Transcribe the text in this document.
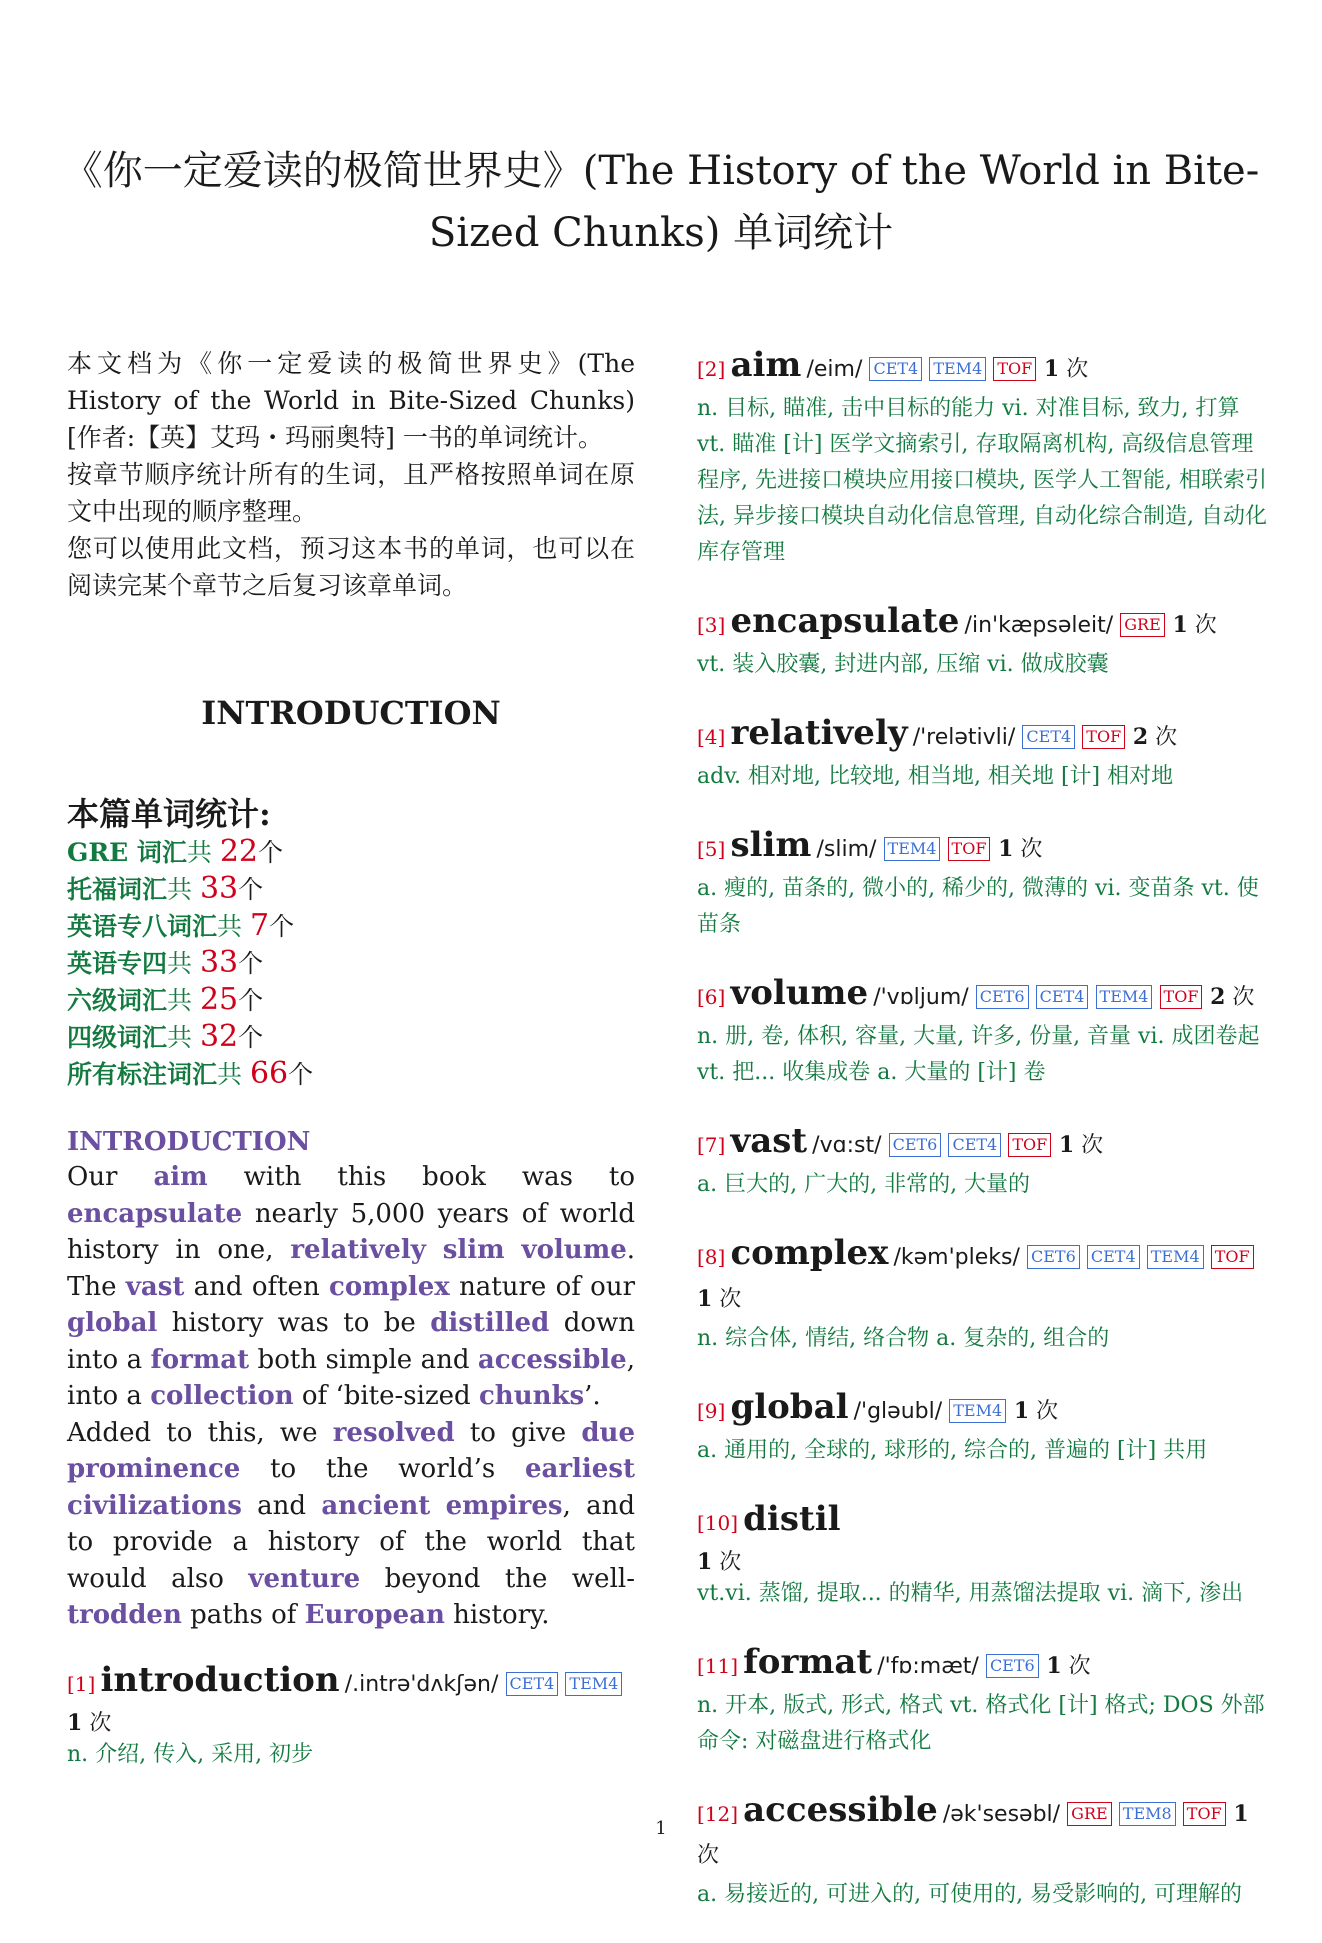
《你一定爱读的极简世界史》(The History of the World in Bite-Sized Chunks) 单词统计

本文档为《你一定爱读的极简世界史》(The History of the World in Bite-Sized Chunks)[作者:【英】艾玛・玛丽奥特] 一书的单词统计。
按章节顺序统计所有的生词，且严格按照单词在原文中出现的顺序整理。
您可以使用此文档，预习这本书的单词，也可以在阅读完某个章节之后复习该章单词。

INTRODUCTION
本篇单词统计:
GRE 词汇共 22个
托福词汇共 33个
英语专八词汇共 7个
英语专四共 33个
六级词汇共 25个
四级词汇共 32个
所有标注词汇共 66个
INTRODUCTION

Our aim with this book was to encapsulate nearly 5,000 years of world history in one, relatively slim volume. The vast and often complex nature of our global history was to be distilled down into a format both simple and accessible, into a collection of ‘bite-sized chunks’.

Added to this, we resolved to give due prominence to the world’s earliest civilizations and ancient empires, and to provide a history of the world that would also venture beyond the well-trodden paths of European history.

[1] introduction /.intrə'dʌkʃən/ CET4 TEM4
1 次
n. 介绍, 传入, 采用, 初步
[2] aim /eim/ CET4 TEM4 TOF 1 次
n. 目标, 瞄准, 击中目标的能力 vi. 对准目标, 致力, 打算 vt. 瞄准 [计] 医学文摘索引, 存取隔离机构, 高级信息管理程序, 先进接口模块应用接口模块, 医学人工智能, 相联索引法, 异步接口模块自动化信息管理, 自动化综合制造, 自动化库存管理
[3] encapsulate /in'kæpsəleit/ GRE 1 次
vt. 装入胶囊, 封进内部, 压缩 vi. 做成胶囊
[4] relatively /'relətivli/ CET4 TOF 2 次
adv. 相对地, 比较地, 相当地, 相关地 [计] 相对地
[5] slim /slim/ TEM4 TOF 1 次
a. 瘦的, 苗条的, 微小的, 稀少的, 微薄的 vi. 变苗条 vt. 使苗条
[6] volume /'vɒljum/ CET6 CET4 TEM4 TOF 2 次
n. 册, 卷, 体积, 容量, 大量, 许多, 份量, 音量 vi. 成团卷起 vt. 把... 收集成卷 a. 大量的 [计] 卷
[7] vast /vɑ:st/ CET6 CET4 TOF 1 次
a. 巨大的, 广大的, 非常的, 大量的
[8] complex /kəm'pleks/ CET6 CET4 TEM4 TOF 1 次
n. 综合体, 情结, 络合物 a. 复杂的, 组合的
[9] global /'gləubl/ TEM4 1 次
a. 通用的, 全球的, 球形的, 综合的, 普遍的 [计] 共用
[10] distil
1 次
vt.vi. 蒸馏, 提取... 的精华, 用蒸馏法提取 vi. 滴下, 渗出
[11] format /'fɒ:mæt/ CET6 1 次
n. 开本, 版式, 形式, 格式 vt. 格式化 [计] 格式; DOS 外部命令: 对磁盘进行格式化
[12] accessible /ək'sesəbl/ GRE TEM8 TOF 1 次
a. 易接近的, 可进入的, 可使用的, 易受影响的, 可理解的
1
